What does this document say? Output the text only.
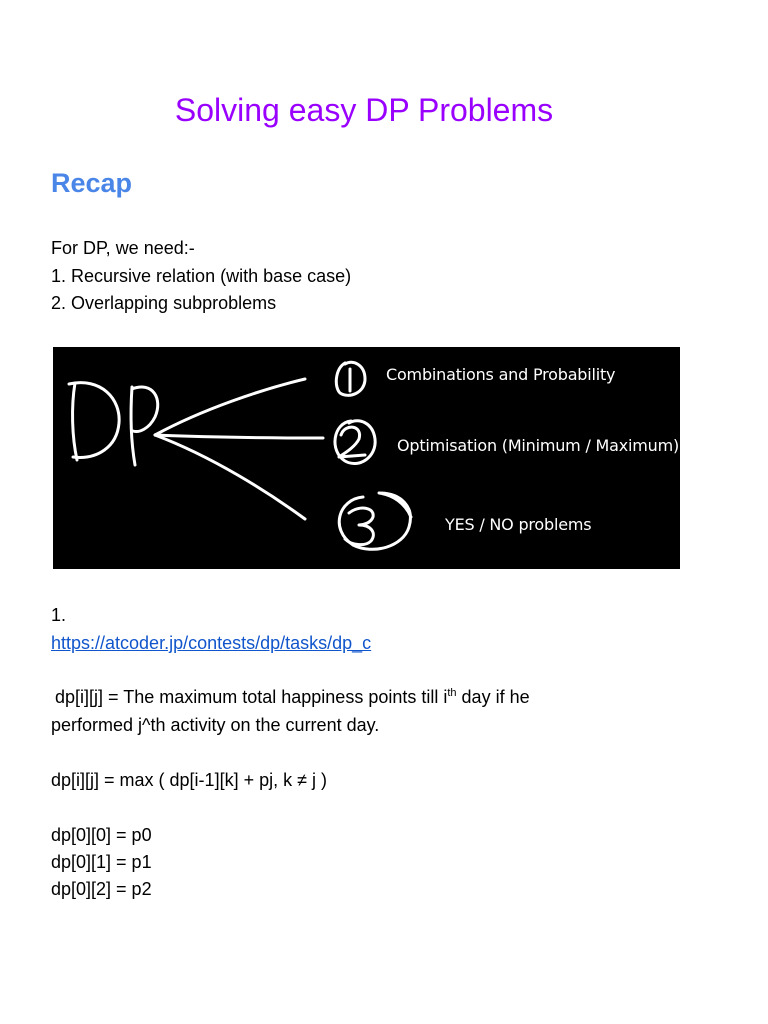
Solving easy DP Problems
Recap
For DP, we need:-
1. Recursive relation (with base case)
2. Overlapping subproblems
Combinations and Probability
Optimisation (Minimum / Maximum)
YES / NO problems
1.
https://atcoder.jp/contests/dp/tasks/dp_c
dp[i][j] = The maximum total happiness points till $i^{th}$ day if he
performed j^th activity on the current day.
dp[i][j] = max ( dp[i-1][k] + pj, k ≠ j )
dp[0][0] = p0
dp[0][1] = p1
dp[0][2] = p2
